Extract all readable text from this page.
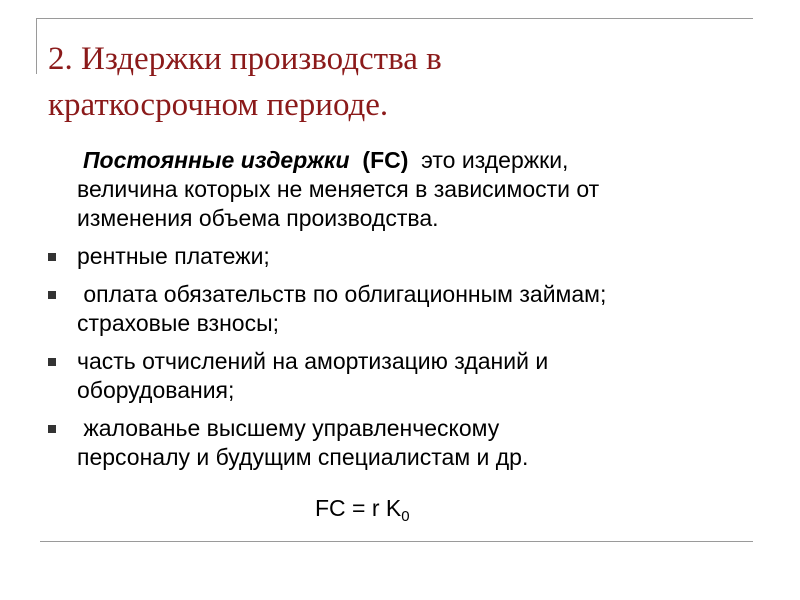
2. Издержки производства в
краткосрочном периоде.

Постоянные издержки (FC) это издержки,
величина которых не меняется в зависимости от
изменения объема производства.

рентные платежи;
оплата обязательств по облигационным займам;
страховые взносы;
часть отчислений на амортизацию зданий и
оборудования;
жалованье высшему управленческому
персоналу и будущим специалистам и др.
FC = r $K_0$
